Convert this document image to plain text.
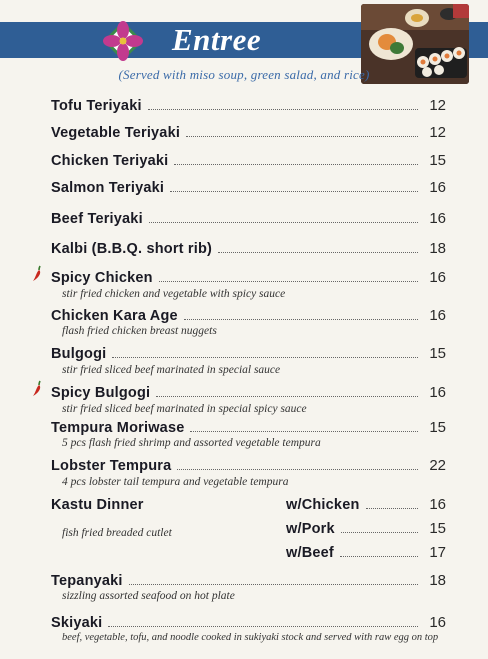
Entree
(Served with miso soup, green salad, and rice)
Tofu Teriyaki	12
Vegetable Teriyaki	12
Chicken Teriyaki	15
Salmon Teriyaki	16
Beef Teriyaki	16
Kalbi (B.B.Q. short rib)	18
Spicy Chicken	16
stir fried chicken and vegetable with spicy sauce
Chicken Kara Age	16
flash fried chicken breast nuggets
Bulgogi	15
stir fried sliced beef marinated in special sauce
Spicy Bulgogi	16
stir fried sliced beef marinated in special spicy sauce
Tempura Moriwase	15
5 pcs flash fried shrimp and assorted vegetable tempura
Lobster Tempura	22
4 pcs lobster tail tempura and vegetable tempura
Kastu Dinner
fish fried breaded cutlet
w/Chicken	16
w/Pork	15
w/Beef	17
Tepanyaki	18
sizzling assorted seafood on hot plate
Skiyaki	16
beef, vegetable, tofu, and noodle cooked in sukiyaki stock and served with raw egg on top
